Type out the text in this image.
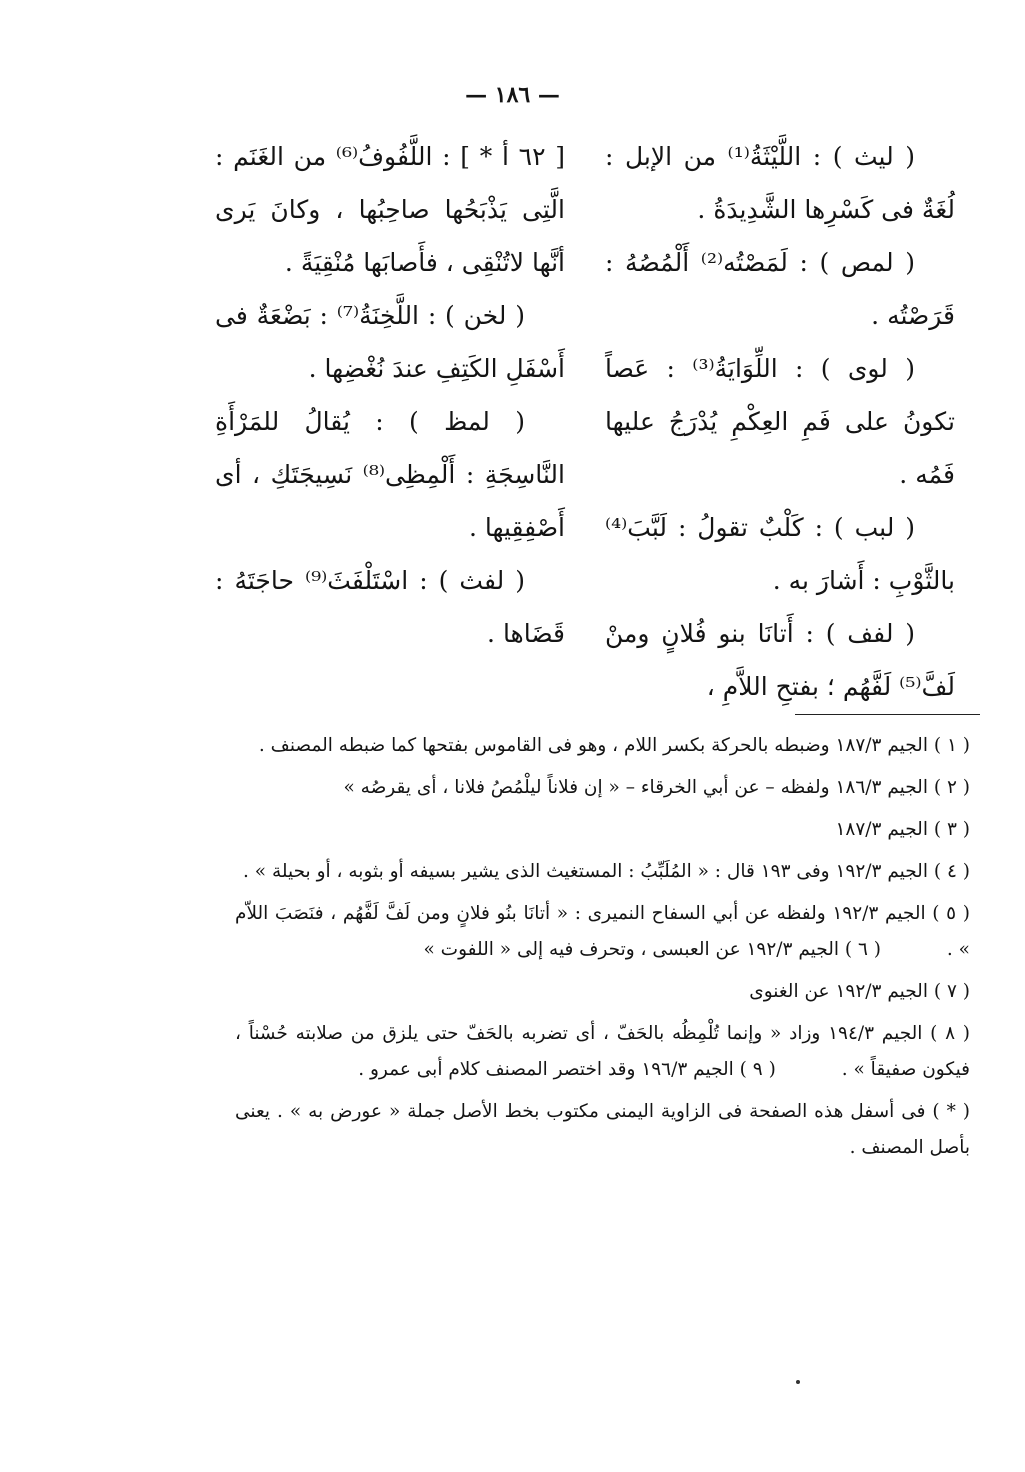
— ١٨٦ —

( ليث ) : اللَّيْثَةُ⁽¹⁾ من الإبل : لُغَةٌ فى كَسْرِها الشَّدِيدَةُ .

( لمص ) : لَمَصْتُه⁽²⁾ أَلْمُصُهُ : قَرَصْتُه .

( لوى ) : اللِّوَايَةُ⁽³⁾ : عَصاً تكونُ على فَمِ العِكْمِ يُدْرَجُ عليها فَمُه .

( لبب ) : كَلْبٌ تقولُ : لَبَّبَ⁽⁴⁾ بالثَّوْبِ : أَشارَ به .

( لفف ) : أَتانَا بنو فُلانٍ ومنْ لَفَّ⁽⁵⁾ لَفَّهُم ؛ بفتحِ اللاَّمِ ،

[ ٦٢ أ * ] : اللَّفُوفُ⁽⁶⁾ من الغَنَم : الَّتِى يَذْبَحُها صاحِبُها ، وكانَ يَرى أنَّها لاتُنْقِى ، فأَصابَها مُنْقِيَةً .

( لخن ) : اللَّخِنَةُ⁽⁷⁾ : بَضْعَةٌ فى أَسْفَلِ الكَتِفِ عندَ نُغْضِها .

( لمظ ) : يُقالُ للمَرْأَةِ النَّاسِجَةِ : أَلْمِظِى⁽⁸⁾ نَسِيجَتَكِ ، أى أَصْفِقِيها .

( لفث ) : اسْتَلْفَثَ⁽⁹⁾ حاجَتَهُ : قَضَاها .

( ١ ) الجيم ١٨٧/٣ وضبطه بالحركة بكسر اللام ، وهو فى القاموس بفتحها كما ضبطه المصنف .

( ٢ ) الجيم ١٨٦/٣ ولفظه – عن أبي الخرقاء – « إن فلاناً ليلْمُصُ فلانا ، أى يقرصُه »

( ٣ ) الجيم ١٨٧/٣

( ٤ ) الجيم ١٩٢/٣ وفى ١٩٣ قال : « المُلَبِّبُ : المستغيث الذى يشير بسيفه أو بثوبه ، أو بحيلة » .

( ٥ ) الجيم ١٩٢/٣ ولفظه عن أبي السفاح النميرى : « أتانَا بنُو فلانٍ ومن لَفَّ لَفَّهُم ، فنَصَبَ اللاّم » . ( ٦ ) الجيم ١٩٢/٣ عن العبسى ، وتحرف فيه إلى « اللفوت »

( ٧ ) الجيم ١٩٢/٣ عن الغنوى

( ٨ ) الجيم ١٩٤/٣ وزاد « وإنما تُلْمِظُه بالحَفّ ، أى تضربه بالحَفّ حتى يلزق من صلابته حُسْناً ، فيكون صفيقاً » . ( ٩ ) الجيم ١٩٦/٣ وقد اختصر المصنف كلام أبى عمرو .

( * ) فى أسفل هذه الصفحة فى الزاوية اليمنى مكتوب بخط الأصل جملة « عورض به » . يعنى بأصل المصنف .
